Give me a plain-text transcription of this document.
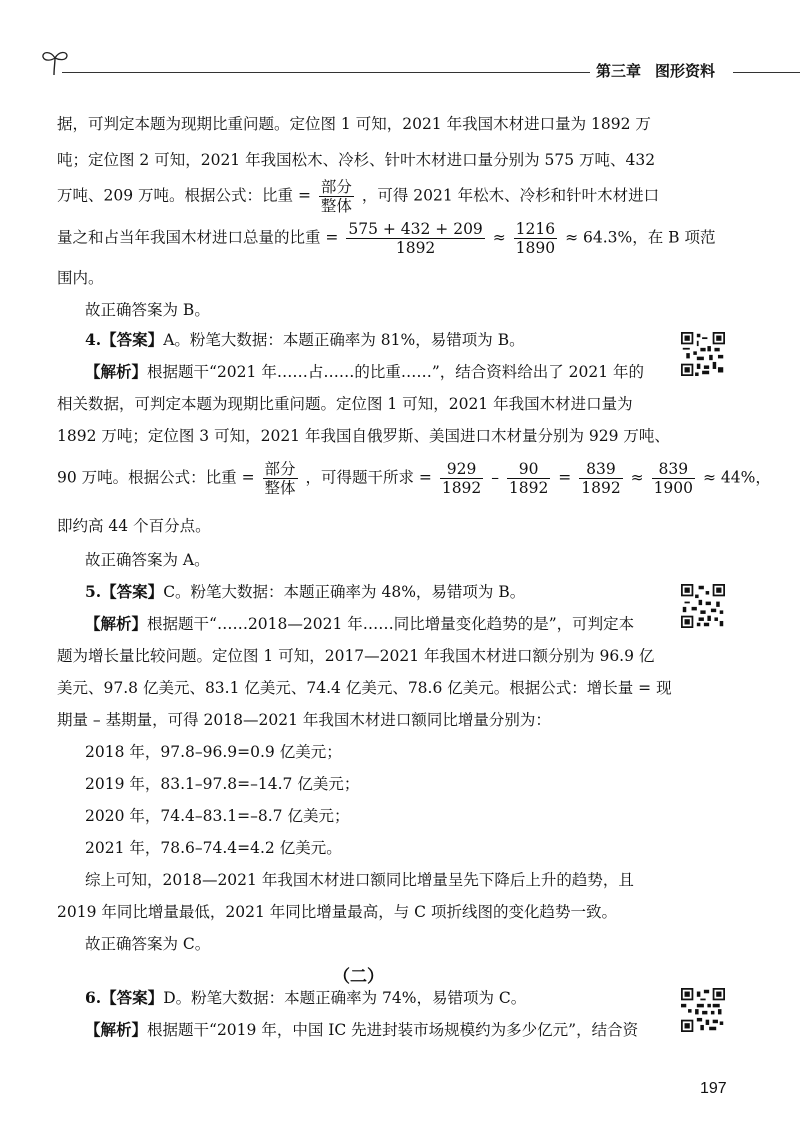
第三章 图形资料
据，可判定本题为现期比重问题。定位图 1 可知，2021 年我国木材进口量为 1892 万
吨；定位图 2 可知，2021 年我国松木、冷杉、针叶木材进口量分别为 575 万吨、432
万吨、209 万吨。根据公式：比重 = $\frac{\text{部分}}{\text{整体}}$ ，可得 2021 年松木、冷杉和针叶木材进口
量之和占当年我国木材进口总量的比重 = $\frac{575 + 432 + 209}{1892} \approx \frac{1216}{1890} \approx 64.3\%$，在 B 项范
围内。
故正确答案为 B。
4.【答案】A。粉笔大数据：本题正确率为 81%，易错项为 B。
【解析】根据题干“2021 年……占……的比重……”，结合资料给出了 2021 年的
相关数据，可判定本题为现期比重问题。定位图 1 可知，2021 年我国木材进口量为
1892 万吨；定位图 3 可知，2021 年我国自俄罗斯、美国进口木材量分别为 929 万吨、
90 万吨。根据公式：比重 = $\frac{\text{部分}}{\text{整体}}$ ，可得题干所求 = $\frac{929}{1892} - \frac{90}{1892} = \frac{839}{1892} \approx \frac{839}{1900} \approx 44\%$，
即约高 44 个百分点。
故正确答案为 A。
5.【答案】C。粉笔大数据：本题正确率为 48%，易错项为 B。
【解析】根据题干“……2018—2021 年……同比增量变化趋势的是”，可判定本
题为增长量比较问题。定位图 1 可知，2017—2021 年我国木材进口额分别为 96.9 亿
美元、97.8 亿美元、83.1 亿美元、74.4 亿美元、78.6 亿美元。根据公式：增长量 = 现
期量 – 基期量，可得 2018—2021 年我国木材进口额同比增量分别为：
2018 年，97.8–96.9=0.9 亿美元；
2019 年，83.1–97.8=–14.7 亿美元；
2020 年，74.4–83.1=–8.7 亿美元；
2021 年，78.6–74.4=4.2 亿美元。
综上可知，2018—2021 年我国木材进口额同比增量呈先下降后上升的趋势，且
2019 年同比增量最低，2021 年同比增量最高，与 C 项折线图的变化趋势一致。
故正确答案为 C。
6.【答案】D。粉笔大数据：本题正确率为 74%，易错项为 C。
【解析】根据题干“2019 年，中国 IC 先进封装市场规模约为多少亿元”，结合资
（二）
197
